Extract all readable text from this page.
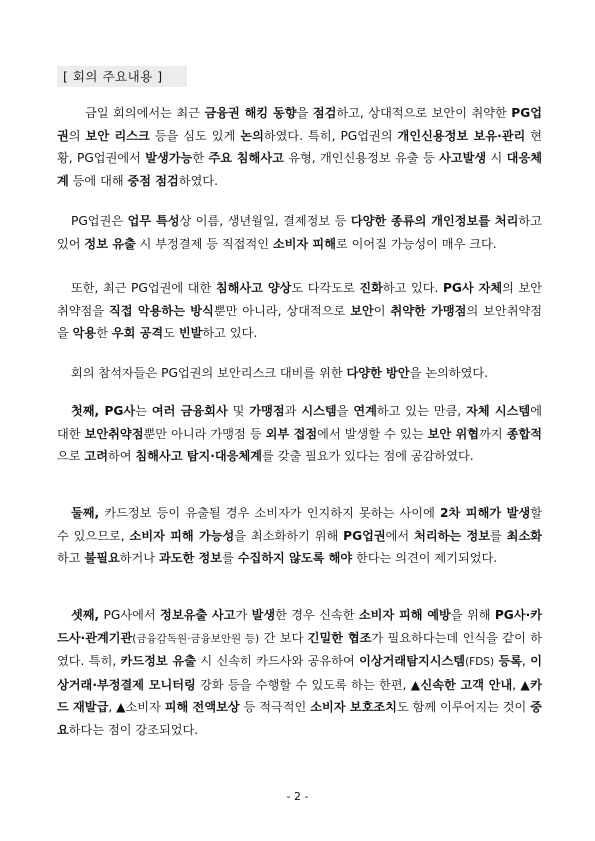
[ 회의 주요내용 ]

금일 회의에서는 최근 금융권 해킹 동향을 점검하고, 상대적으로 보안이 취약한 PG업권의 보안 리스크 등을 심도 있게 논의하였다. 특히, PG업권의 개인신용정보 보유·관리 현황, PG업권에서 발생가능한 주요 침해사고 유형, 개인신용정보 유출 등 사고발생 시 대응체계 등에 대해 중점 점검하였다.

PG업권은 업무 특성상 이름, 생년월일, 결제정보 등 다양한 종류의 개인정보를 처리하고 있어 정보 유출 시 부정결제 등 직접적인 소비자 피해로 이어질 가능성이 매우 크다.

또한, 최근 PG업권에 대한 침해사고 양상도 다각도로 진화하고 있다. PG사 자체의 보안취약점을 직접 악용하는 방식뿐만 아니라, 상대적으로 보안이 취약한 가맹점의 보안취약점을 악용한 우회 공격도 빈발하고 있다.

회의 참석자들은 PG업권의 보안리스크 대비를 위한 다양한 방안을 논의하였다.

첫째, PG사는 여러 금융회사 및 가맹점과 시스템을 연계하고 있는 만큼, 자체 시스템에 대한 보안취약점뿐만 아니라 가맹점 등 외부 접점에서 발생할 수 있는 보안 위협까지 종합적으로 고려하여 침해사고 탐지·대응체계를 갖출 필요가 있다는 점에 공감하였다.

둘째, 카드정보 등이 유출될 경우 소비자가 인지하지 못하는 사이에 2차 피해가 발생할 수 있으므로, 소비자 피해 가능성을 최소화하기 위해 PG업권에서 처리하는 정보를 최소화하고 불필요하거나 과도한 정보를 수집하지 않도록 해야 한다는 의견이 제기되었다.

셋째, PG사에서 정보유출 사고가 발생한 경우 신속한 소비자 피해 예방을 위해 PG사·카드사·관계기관(금융감독원·금융보안원 등) 간 보다 긴밀한 협조가 필요하다는데 인식을 같이 하였다. 특히, 카드정보 유출 시 신속히 카드사와 공유하여 이상거래탐지시스템(FDS) 등록, 이상거래·부정결제 모니터링 강화 등을 수행할 수 있도록 하는 한편, ▲신속한 고객 안내, ▲카드 재발급, ▲소비자 피해 전액보상 등 적극적인 소비자 보호조치도 함께 이루어지는 것이 중요하다는 점이 강조되었다.

- 2 -
